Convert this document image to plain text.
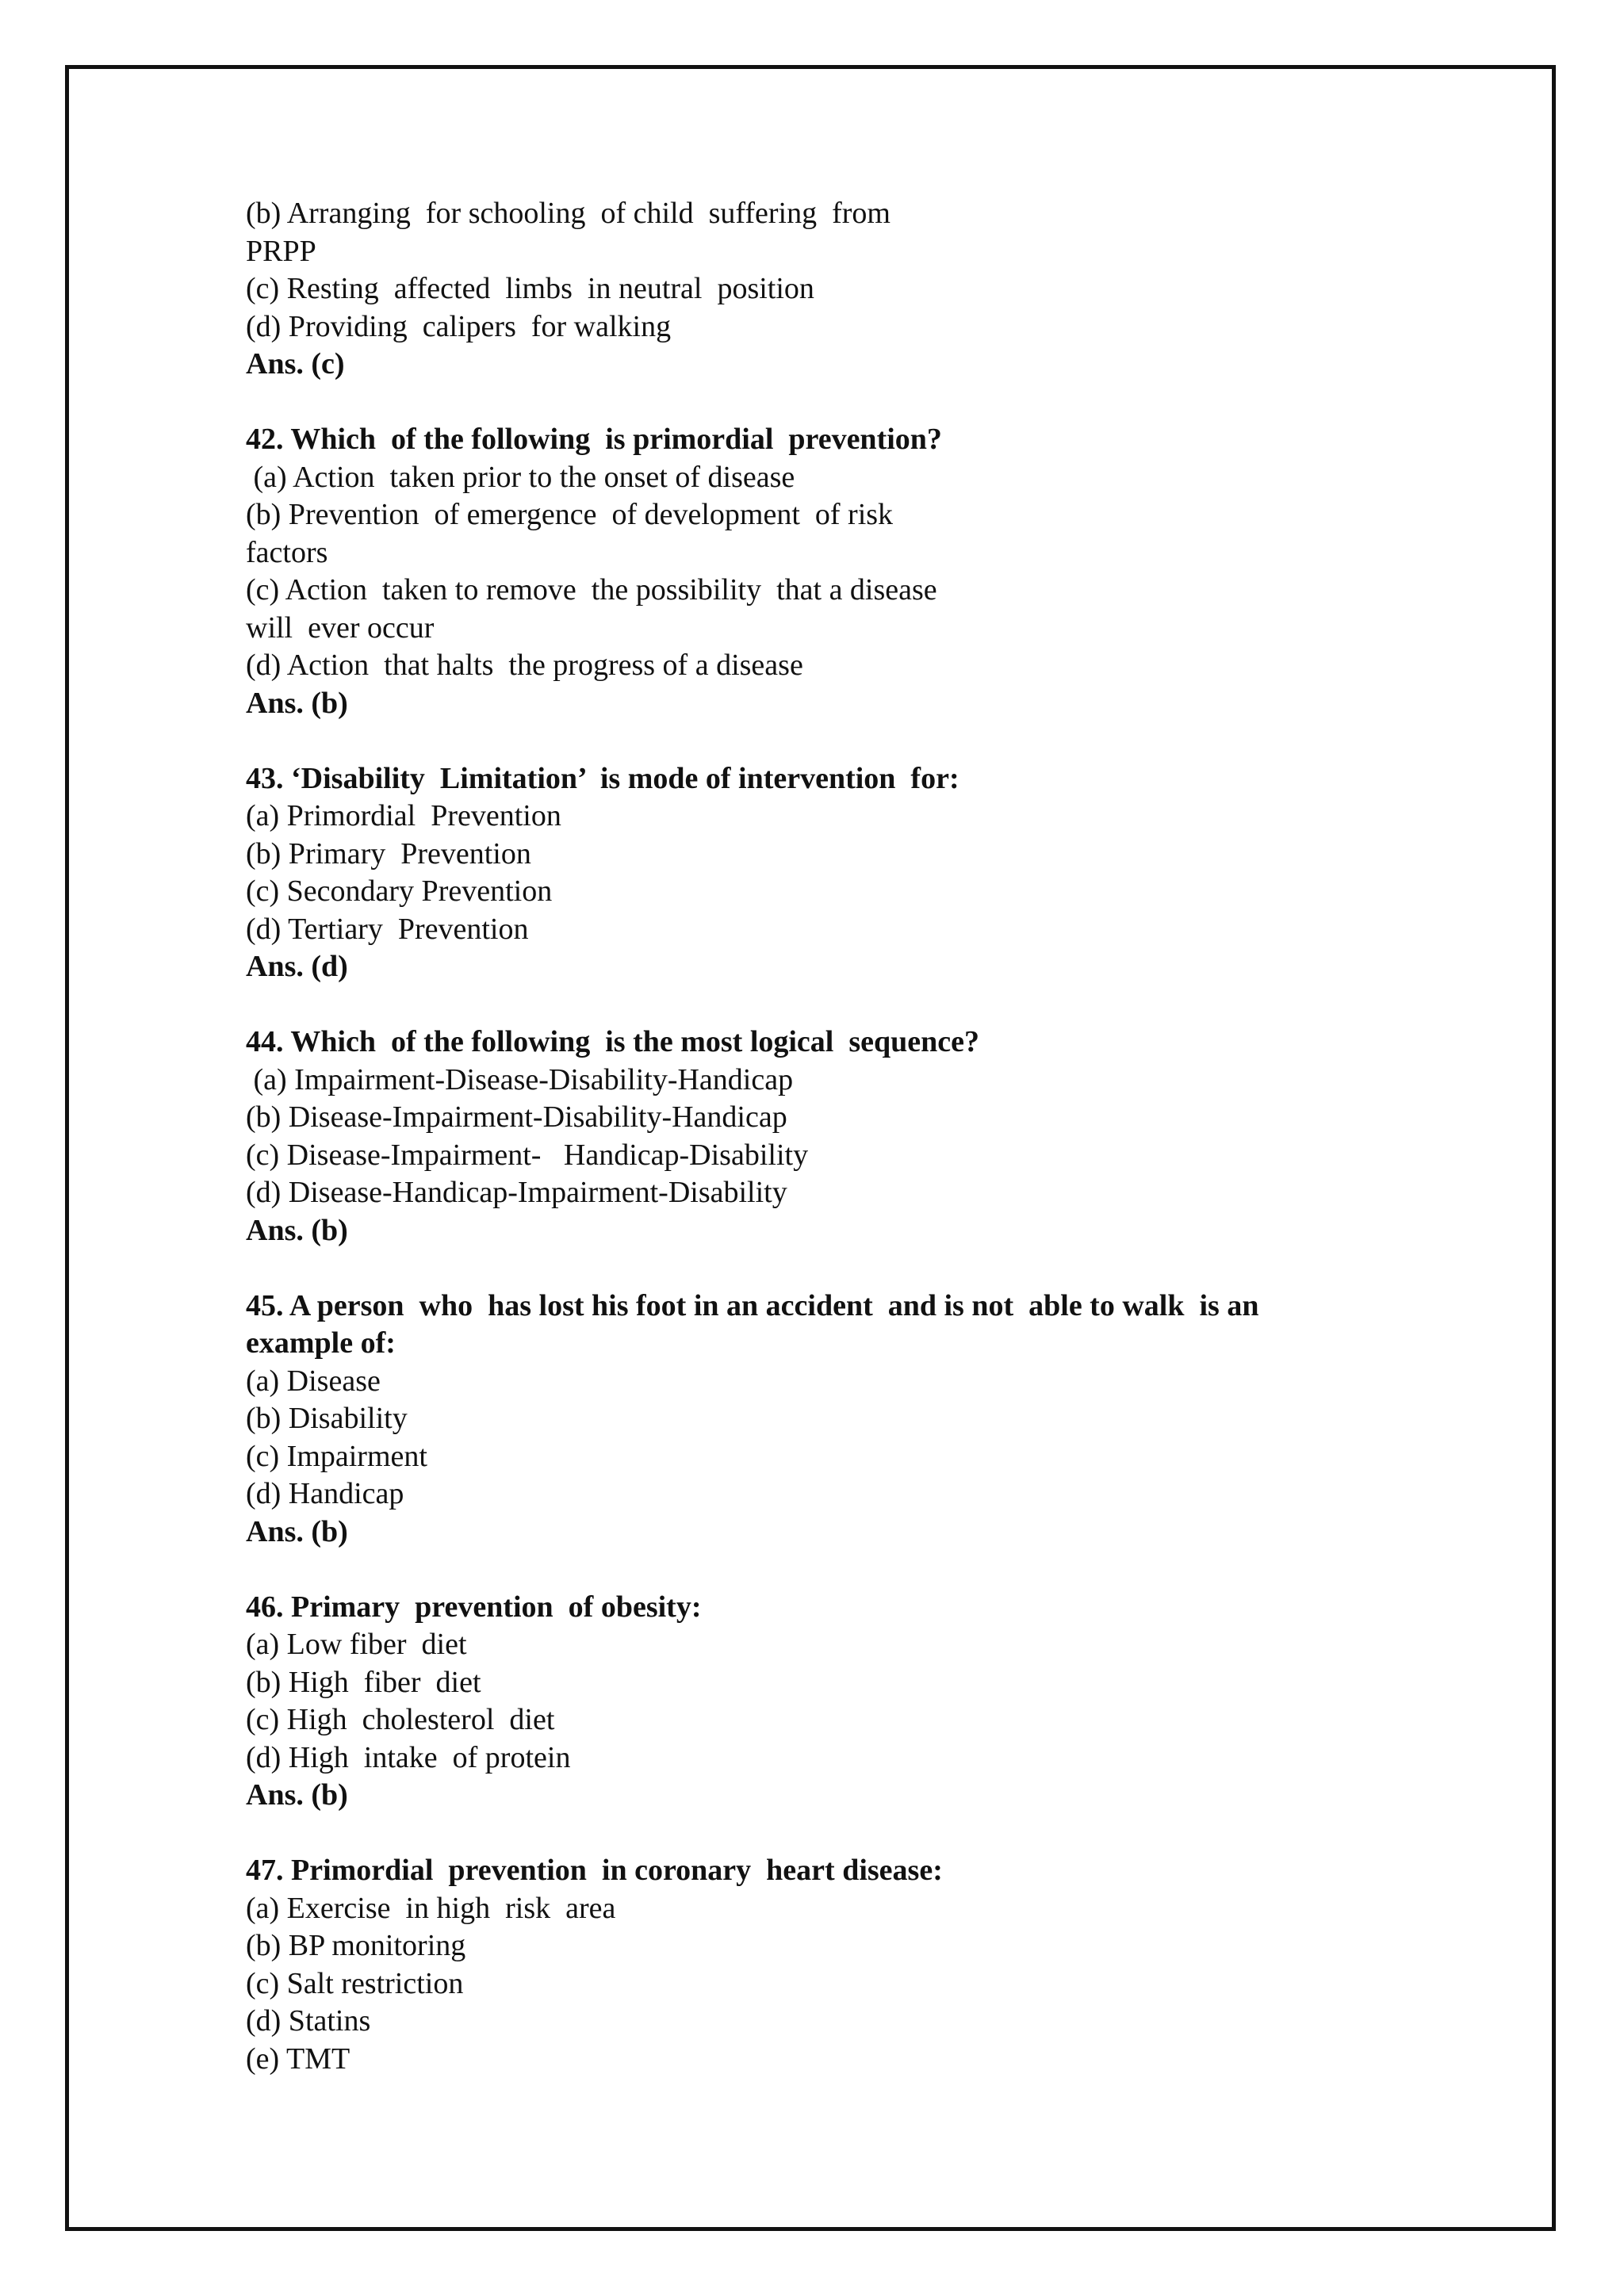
(b) Arranging  for schooling  of child  suffering  from

PRPP

(c) Resting  affected  limbs  in neutral  position

(d) Providing  calipers  for walking

Ans. (c)

42. Which  of the following  is primordial  prevention?

(a) Action  taken prior to the onset of disease

(b) Prevention  of emergence  of development  of risk

factors

(c) Action  taken to remove  the possibility  that a disease

will  ever occur

(d) Action  that halts  the progress of a disease

Ans. (b)

43. ‘Disability  Limitation’  is mode of intervention  for:

(a) Primordial  Prevention

(b) Primary  Prevention

(c) Secondary Prevention

(d) Tertiary  Prevention

Ans. (d)

44. Which  of the following  is the most logical  sequence?

(a) Impairment-Disease-Disability-Handicap

(b) Disease-Impairment-Disability-Handicap

(c) Disease-Impairment-   Handicap-Disability

(d) Disease-Handicap-Impairment-Disability

Ans. (b)

45. A person  who  has lost his foot in an accident  and is not  able to walk  is an

example of:

(a) Disease

(b) Disability

(c) Impairment

(d) Handicap

Ans. (b)

46. Primary  prevention  of obesity:

(a) Low fiber  diet

(b) High  fiber  diet

(c) High  cholesterol  diet

(d) High  intake  of protein

Ans. (b)

47. Primordial  prevention  in coronary  heart disease:

(a) Exercise  in high  risk  area

(b) BP monitoring

(c) Salt restriction

(d) Statins

(e) TMT
